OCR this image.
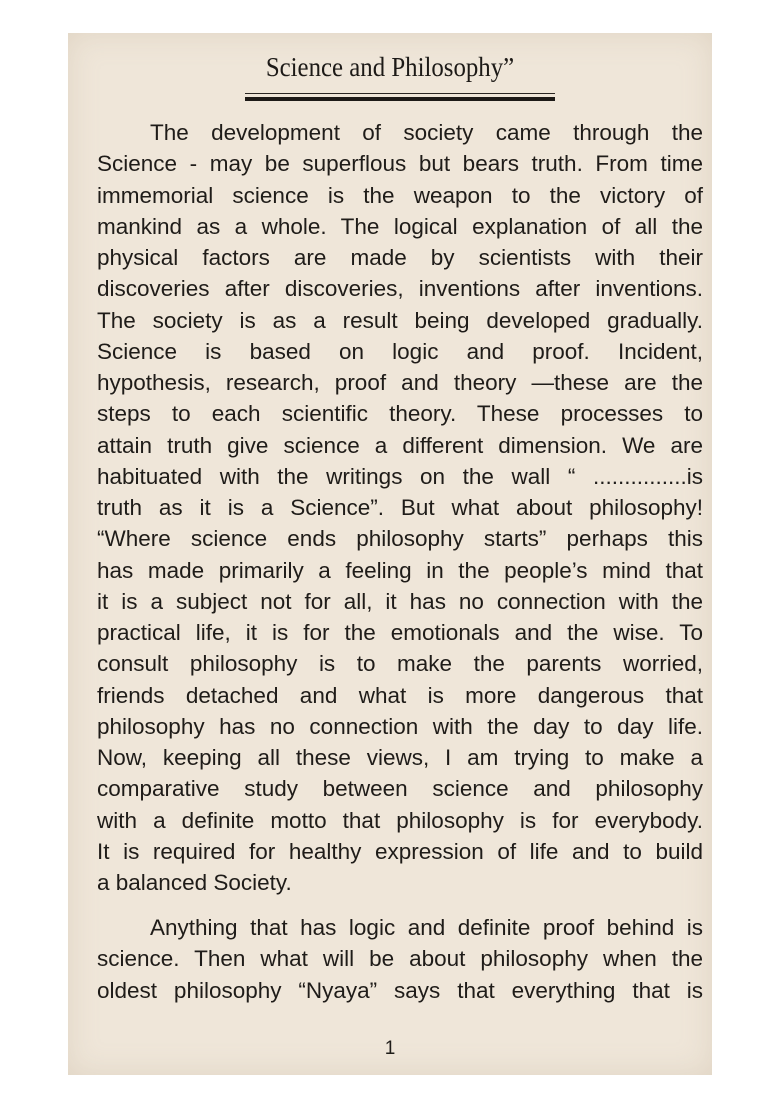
Science and Philosophy”
The development of society came through the
Science - may be superflous but bears truth. From time
immemorial science is the weapon to the victory of
mankind as a whole. The logical explanation of all the
physical factors are made by scientists with their
discoveries after discoveries, inventions after inventions.
The society is as a result being developed gradually.
Science is based on logic and proof. Incident,
hypothesis, research, proof and theory —these are the
steps to each scientific theory. These processes to
attain truth give science a different dimension. We are
habituated with the writings on the wall “ ...............is
truth as it is a Science”. But what about philosophy!
“Where science ends philosophy starts” perhaps this
has made primarily a feeling in the people’s mind that
it is a subject not for all, it has no connection with the
practical life, it is for the emotionals and the wise. To
consult philosophy is to make the parents worried,
friends detached and what is more dangerous that
philosophy has no connection with the day to day life.
Now, keeping all these views, I am trying to make a
comparative study between science and philosophy
with a definite motto that philosophy is for everybody.
It is required for healthy expression of life and to build
a balanced Society.
Anything that has logic and definite proof behind is
science. Then what will be about philosophy when the
oldest philosophy “Nyaya” says that everything that is
1
